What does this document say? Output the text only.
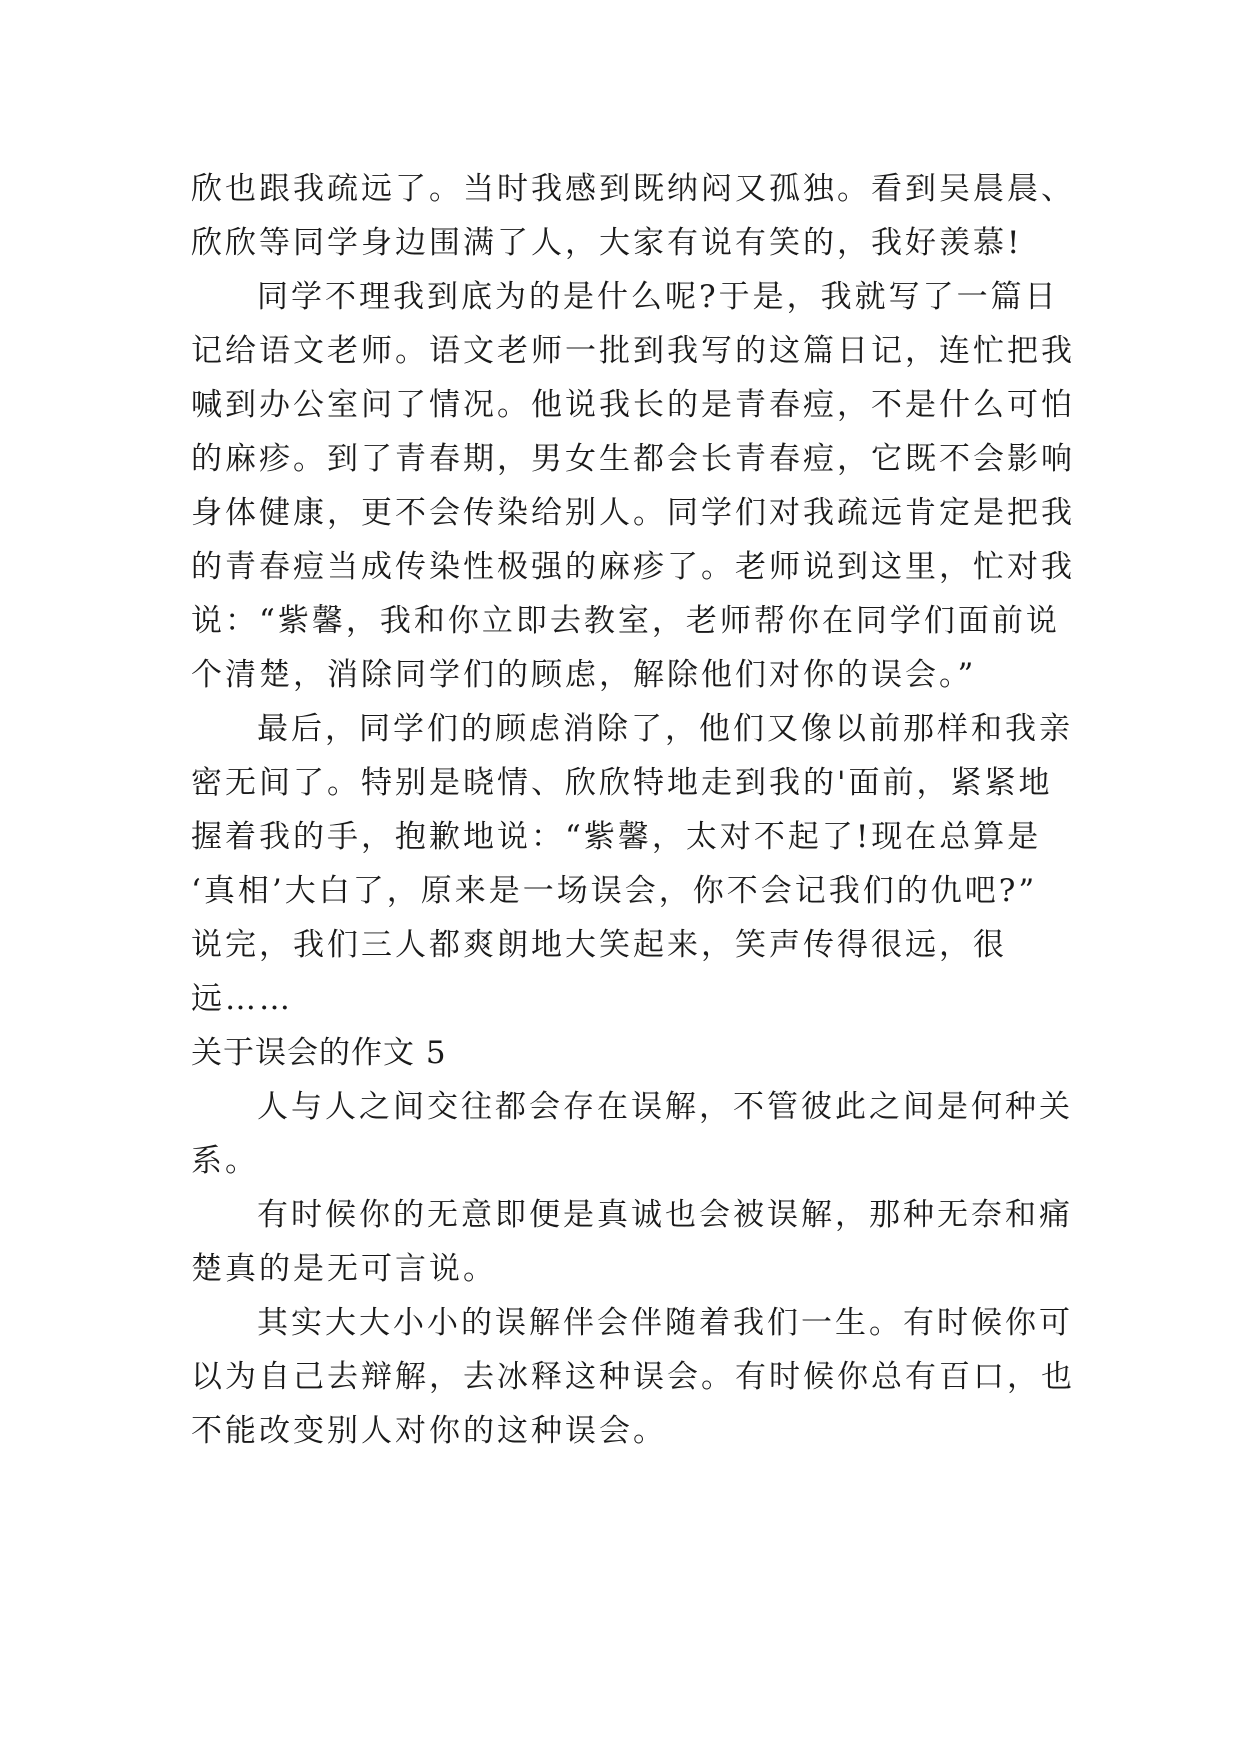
欣也跟我疏远了。当时我感到既纳闷又孤独。看到吴晨晨、
欣欣等同学身边围满了人，大家有说有笑的，我好羡慕!
同学不理我到底为的是什么呢?于是，我就写了一篇日
记给语文老师。语文老师一批到我写的这篇日记，连忙把我
喊到办公室问了情况。他说我长的是青春痘，不是什么可怕
的麻疹。到了青春期，男女生都会长青春痘，它既不会影响
身体健康，更不会传染给别人。同学们对我疏远肯定是把我
的青春痘当成传染性极强的麻疹了。老师说到这里，忙对我
说：“紫馨，我和你立即去教室，老师帮你在同学们面前说
个清楚，消除同学们的顾虑，解除他们对你的误会。”
最后，同学们的顾虑消除了，他们又像以前那样和我亲
密无间了。特别是晓情、欣欣特地走到我的'面前，紧紧地
握着我的手，抱歉地说：“紫馨，太对不起了!现在总算是
‘真相’大白了，原来是一场误会，你不会记我们的仇吧?”
说完，我们三人都爽朗地大笑起来，笑声传得很远，很
远……
关于误会的作文 5
人与人之间交往都会存在误解，不管彼此之间是何种关
系。
有时候你的无意即便是真诚也会被误解，那种无奈和痛
楚真的是无可言说。
其实大大小小的误解伴会伴随着我们一生。有时候你可
以为自己去辩解，去冰释这种误会。有时候你总有百口，也
不能改变别人对你的这种误会。
